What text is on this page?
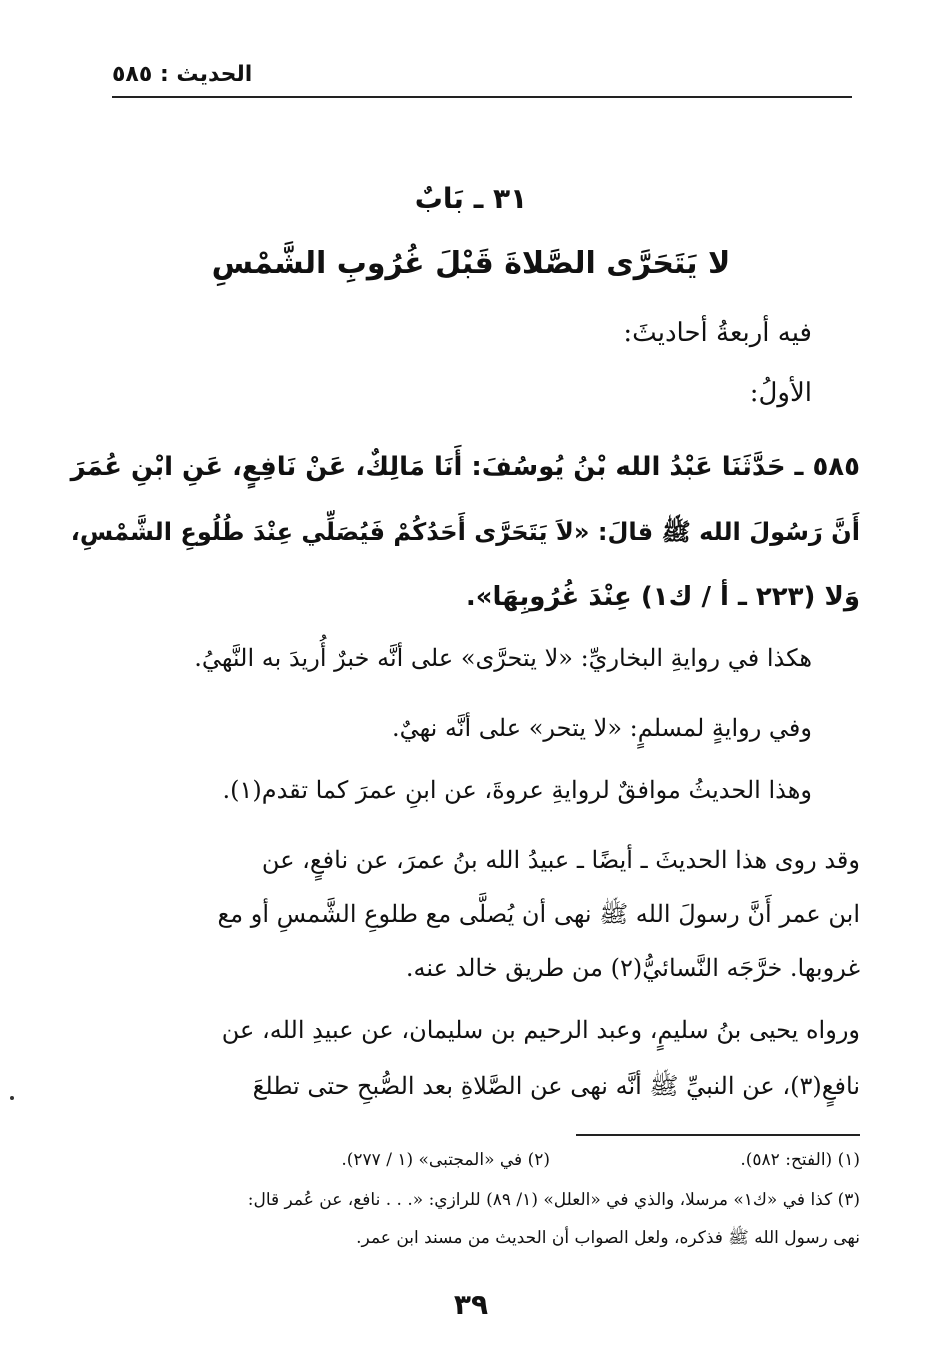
الحديث : ٥٨٥
٣١ ـ بَابٌ
لا يَتَحَرَّى الصَّلاةَ قَبْلَ غُرُوبِ الشَّمْسِ
فيه أربعةُ أحاديثَ:
الأولُ:
٥٨٥ ـ حَدَّثَنَا عَبْدُ الله بْنُ يُوسُفَ: أَنَا مَالِكٌ، عَنْ نَافِعٍ، عَنِ ابْنِ عُمَرَ
أَنَّ رَسُولَ الله ﷺ قالَ: «لاَ يَتَحَرَّى أَحَدُكُمْ فَيُصَلِّي عِنْدَ طُلُوعِ الشَّمْسِ،
وَلا (٢٢٣ ـ أ / ك١) عِنْدَ غُرُوبِهَا».
هكذا في روايةِ البخاريِّ: «لا يتحرَّى» على أنَّه خبرٌ أُريدَ به النَّهيُ.
وفي روايةٍ لمسلمٍ: «لا يتحر» على أنَّه نهيٌ.
وهذا الحديثُ موافقٌ لروايةِ عروةَ، عن ابنِ عمرَ كما تقدم(١).
وقد روى هذا الحديثَ ـ أيضًا ـ عبيدُ الله بنُ عمرَ، عن نافعٍ، عن
ابن عمر أَنَّ رسولَ الله ﷺ نهى أن يُصلَّى مع طلوعِ الشَّمسِ أو مع
غروبها. خرَّجَه النَّسائيُّ(٢) من طريق خالد عنه.
ورواه يحيى بنُ سليمٍ، وعبد الرحيم بن سليمان، عن عبيدِ الله، عن
نافعٍ(٣)، عن النبيِّ ﷺ أنَّه نهى عن الصَّلاةِ بعد الصُّبحِ حتى تطلعَ
(١) (الفتح: ٥٨٢).
(٢) في «المجتبى» (١ / ٢٧٧).
(٣) كذا في «ك١» مرسلا، والذي في «العلل» (١/ ٨٩) للرازي: «. . . نافع، عن عُمر قال:
نهى رسول الله ﷺ فذكره، ولعل الصواب أن الحديث من مسند ابن عمر.
٣٩
